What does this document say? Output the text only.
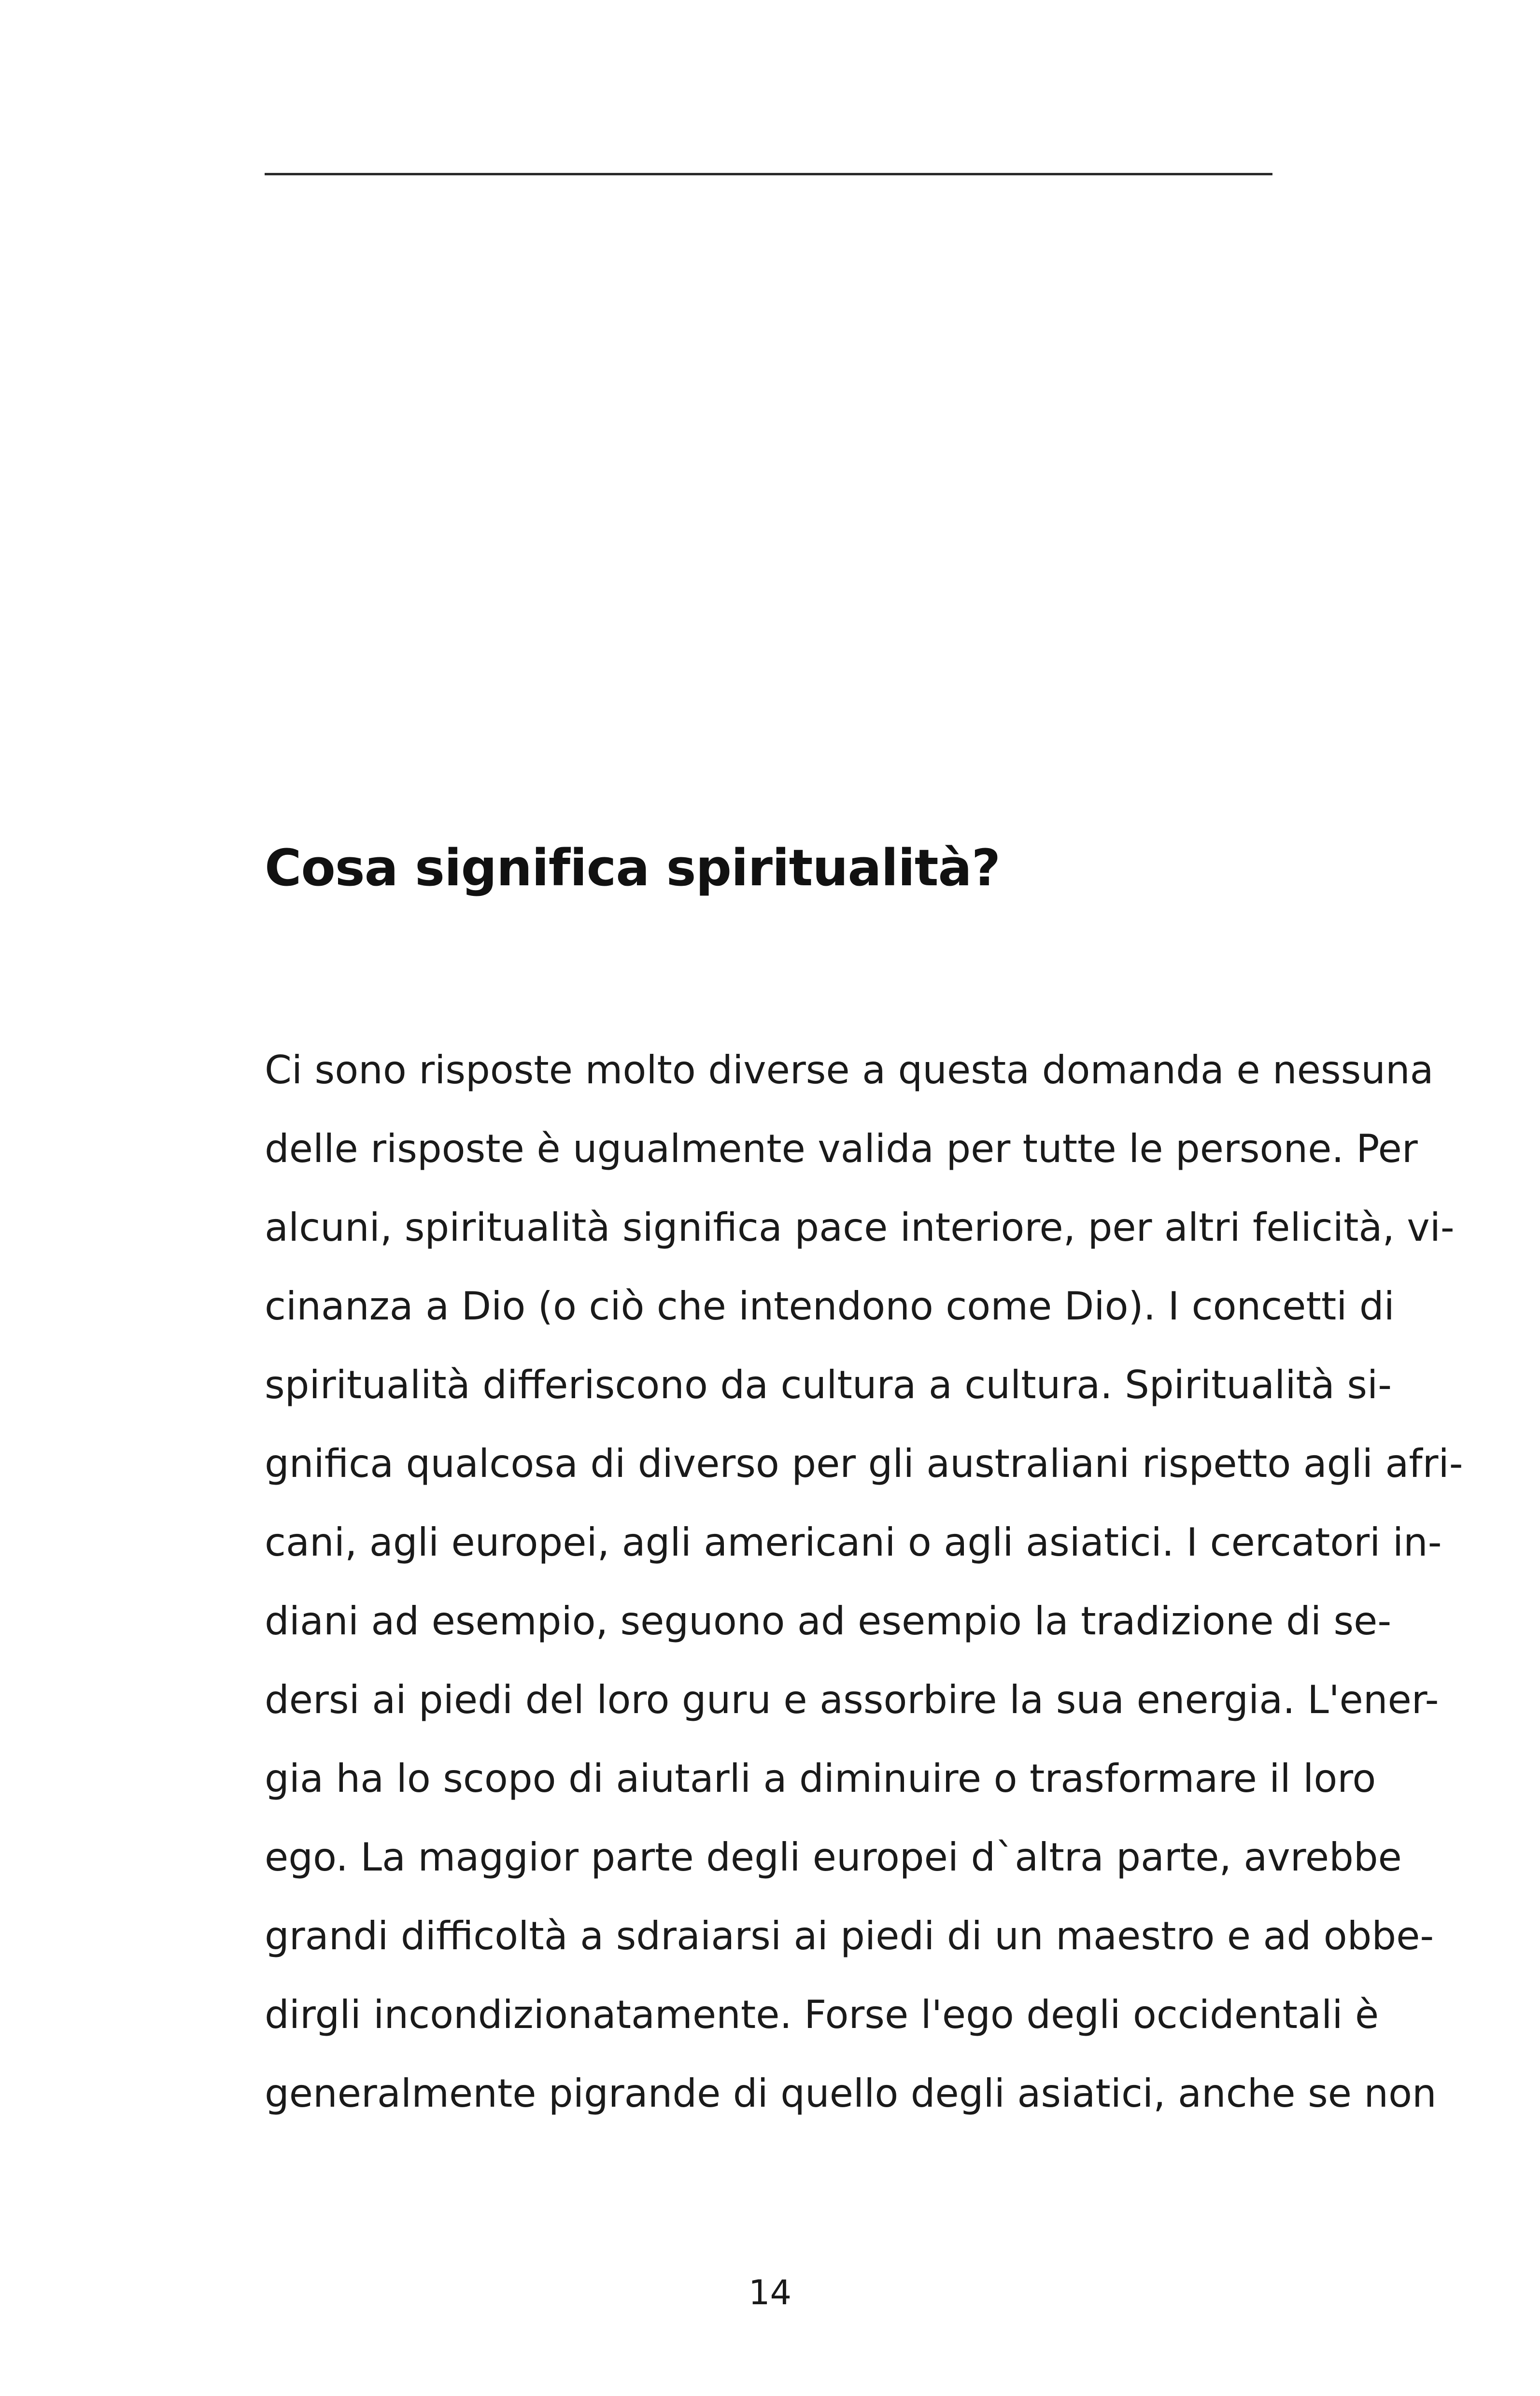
Cosa significa spiritualità?
Ci sono risposte molto diverse a questa domanda e nessuna
delle risposte è ugualmente valida per tutte le persone. Per
alcuni, spiritualità significa pace interiore, per altri felicità, vi-
cinanza a Dio (o ciò che intendono come Dio). I concetti di
spiritualità differiscono da cultura a cultura. Spiritualità si-
gnifica qualcosa di diverso per gli australiani rispetto agli afri-
cani, agli europei, agli americani o agli asiatici. I cercatori in-
diani ad esempio, seguono ad esempio la tradizione di se-
dersi ai piedi del loro guru e assorbire la sua energia. L'ener-
gia ha lo scopo di aiutarli a diminuire o trasformare il loro
ego. La maggior parte degli europei d`altra parte, avrebbe
grandi difficoltà a sdraiarsi ai piedi di un maestro e ad obbe-
dirgli incondizionatamente. Forse l'ego degli occidentali è
generalmente pigrande di quello degli asiatici, anche se non
14
